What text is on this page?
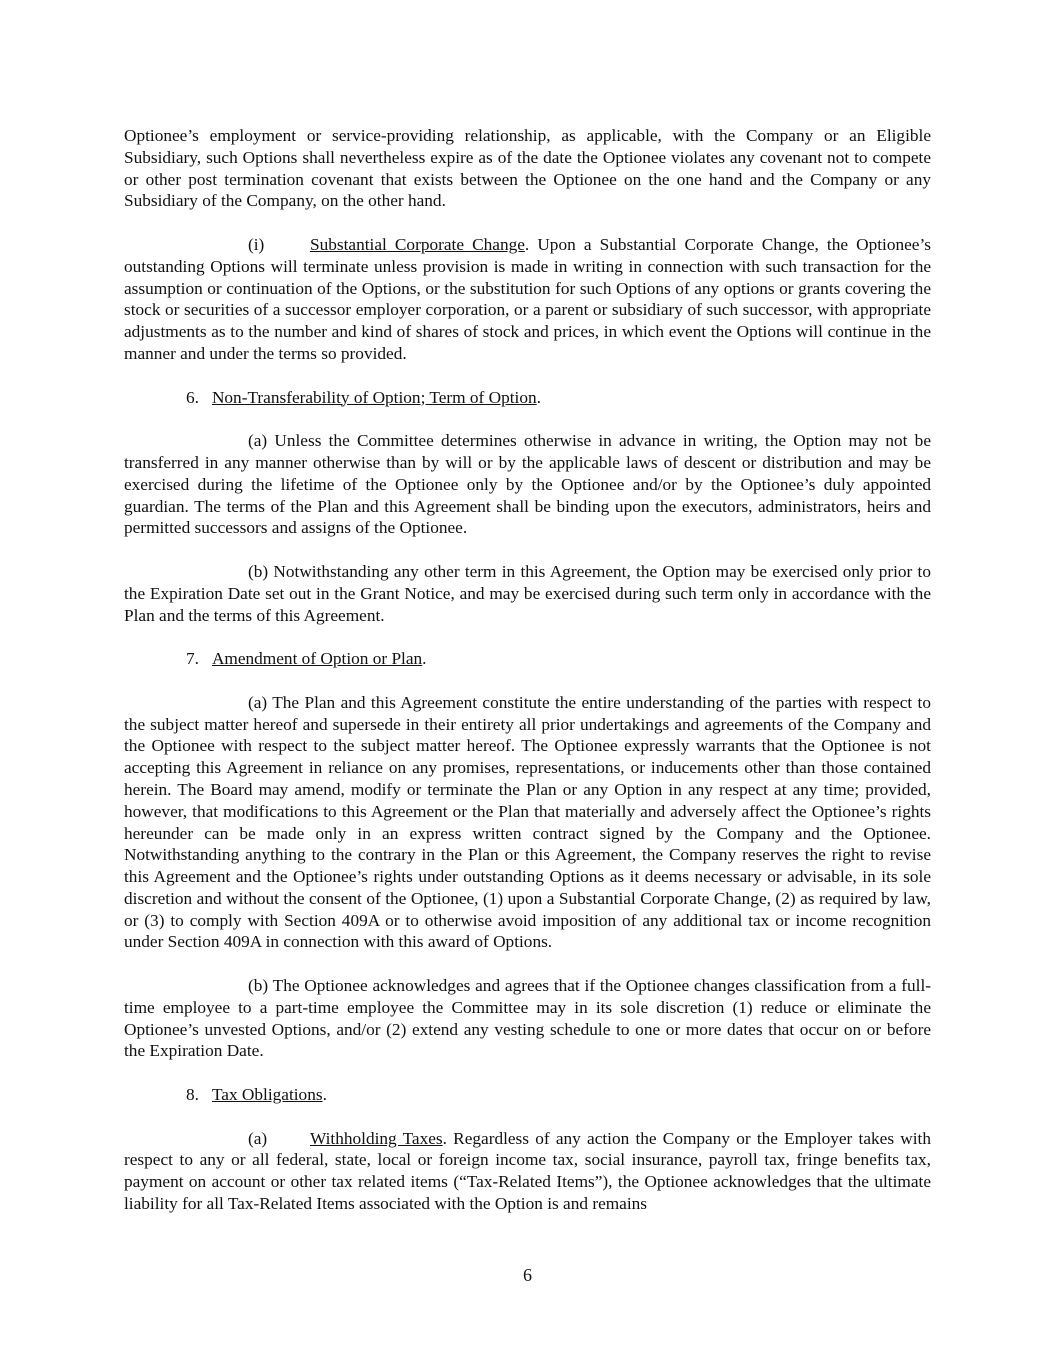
Optionee’s employment or service-providing relationship, as applicable, with the Company or an Eligible Subsidiary, such Options shall nevertheless expire as of the date the Optionee violates any covenant not to compete or other post termination covenant that exists between the Optionee on the one hand and the Company or any Subsidiary of the Company, on the other hand.

(i)	Substantial Corporate Change. Upon a Substantial Corporate Change, the Optionee’s outstanding Options will terminate unless provision is made in writing in connection with such transaction for the assumption or continuation of the Options, or the substitution for such Options of any options or grants covering the stock or securities of a successor employer corporation, or a parent or subsidiary of such successor, with appropriate adjustments as to the number and kind of shares of stock and prices, in which event the Options will continue in the manner and under the terms so provided.

6. Non-Transferability of Option; Term of Option.

(a) Unless the Committee determines otherwise in advance in writing, the Option may not be transferred in any manner otherwise than by will or by the applicable laws of descent or distribution and may be exercised during the lifetime of the Optionee only by the Optionee and/or by the Optionee’s duly appointed guardian. The terms of the Plan and this Agreement shall be binding upon the executors, administrators, heirs and permitted successors and assigns of the Optionee.

(b) Notwithstanding any other term in this Agreement, the Option may be exercised only prior to the Expiration Date set out in the Grant Notice, and may be exercised during such term only in accordance with the Plan and the terms of this Agreement.

7. Amendment of Option or Plan.

(a) The Plan and this Agreement constitute the entire understanding of the parties with respect to the subject matter hereof and supersede in their entirety all prior undertakings and agreements of the Company and the Optionee with respect to the subject matter hereof. The Optionee expressly warrants that the Optionee is not accepting this Agreement in reliance on any promises, representations, or inducements other than those contained herein. The Board may amend, modify or terminate the Plan or any Option in any respect at any time; provided, however, that modifications to this Agreement or the Plan that materially and adversely affect the Optionee’s rights hereunder can be made only in an express written contract signed by the Company and the Optionee. Notwithstanding anything to the contrary in the Plan or this Agreement, the Company reserves the right to revise this Agreement and the Optionee’s rights under outstanding Options as it deems necessary or advisable, in its sole discretion and without the consent of the Optionee, (1) upon a Substantial Corporate Change, (2) as required by law, or (3) to comply with Section 409A or to otherwise avoid imposition of any additional tax or income recognition under Section 409A in connection with this award of Options.

(b) The Optionee acknowledges and agrees that if the Optionee changes classification from a full-time employee to a part-time employee the Committee may in its sole discretion (1) reduce or eliminate the Optionee’s unvested Options, and/or (2) extend any vesting schedule to one or more dates that occur on or before the Expiration Date.

8. Tax Obligations.

(a) Withholding Taxes. Regardless of any action the Company or the Employer takes with respect to any or all federal, state, local or foreign income tax, social insurance, payroll tax, fringe benefits tax, payment on account or other tax related items (“Tax-Related Items”), the Optionee acknowledges that the ultimate liability for all Tax-Related Items associated with the Option is and remains

6
